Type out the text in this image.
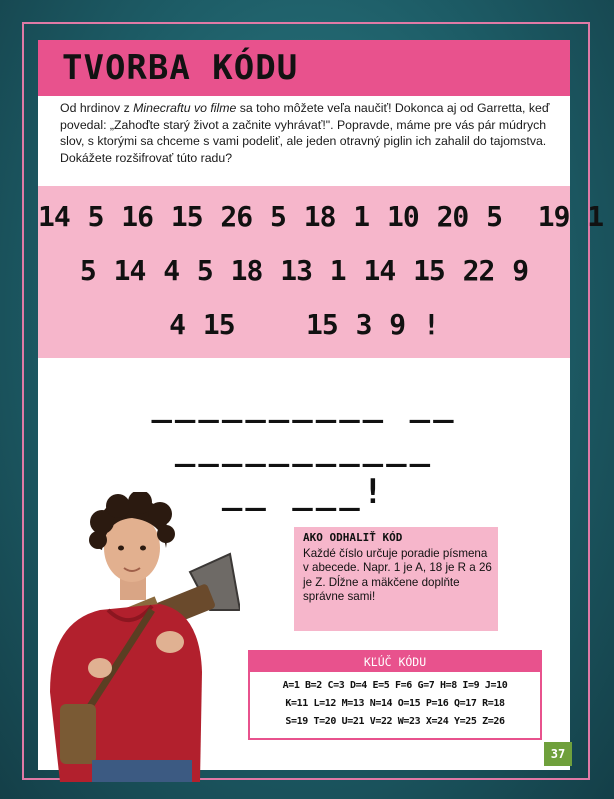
TVORBA KÓDU
Od hrdinov z Minecraftu vo filme sa toho môžete veľa naučiť! Dokonca aj od Garretta, keď povedal: „Zahoďte starý život a začnite vyhrávať!". Popravde, máme pre vás pár múdrych slov, s ktorými sa chceme s vami podeliť, ale jeden otravný piglin ich zahalil do tajomstva. Dokážete rozšifrovať túto radu?
14 5 16 15 26 5 18 1 10 20 5  19 1
5 14 4 5 18 13 1 14 15 22 9
4 15    15 3 9 !
__________ __
___________
__ ___!
AKO ODHALIŤ KÓD
Každé číslo určuje poradie písmena v abecede. Napr. 1 je A, 18 je R a 26 je Z. Dĺžne a mäkčene doplňte správne sami!
KĽÚČ KÓDU
A=1 B=2 C=3 D=4 E=5 F=6 G=7 H=8 I=9 J=10
K=11 L=12 M=13 N=14 O=15 P=16 Q=17 R=18
S=19 T=20 U=21 V=22 W=23 X=24 Y=25 Z=26
37
